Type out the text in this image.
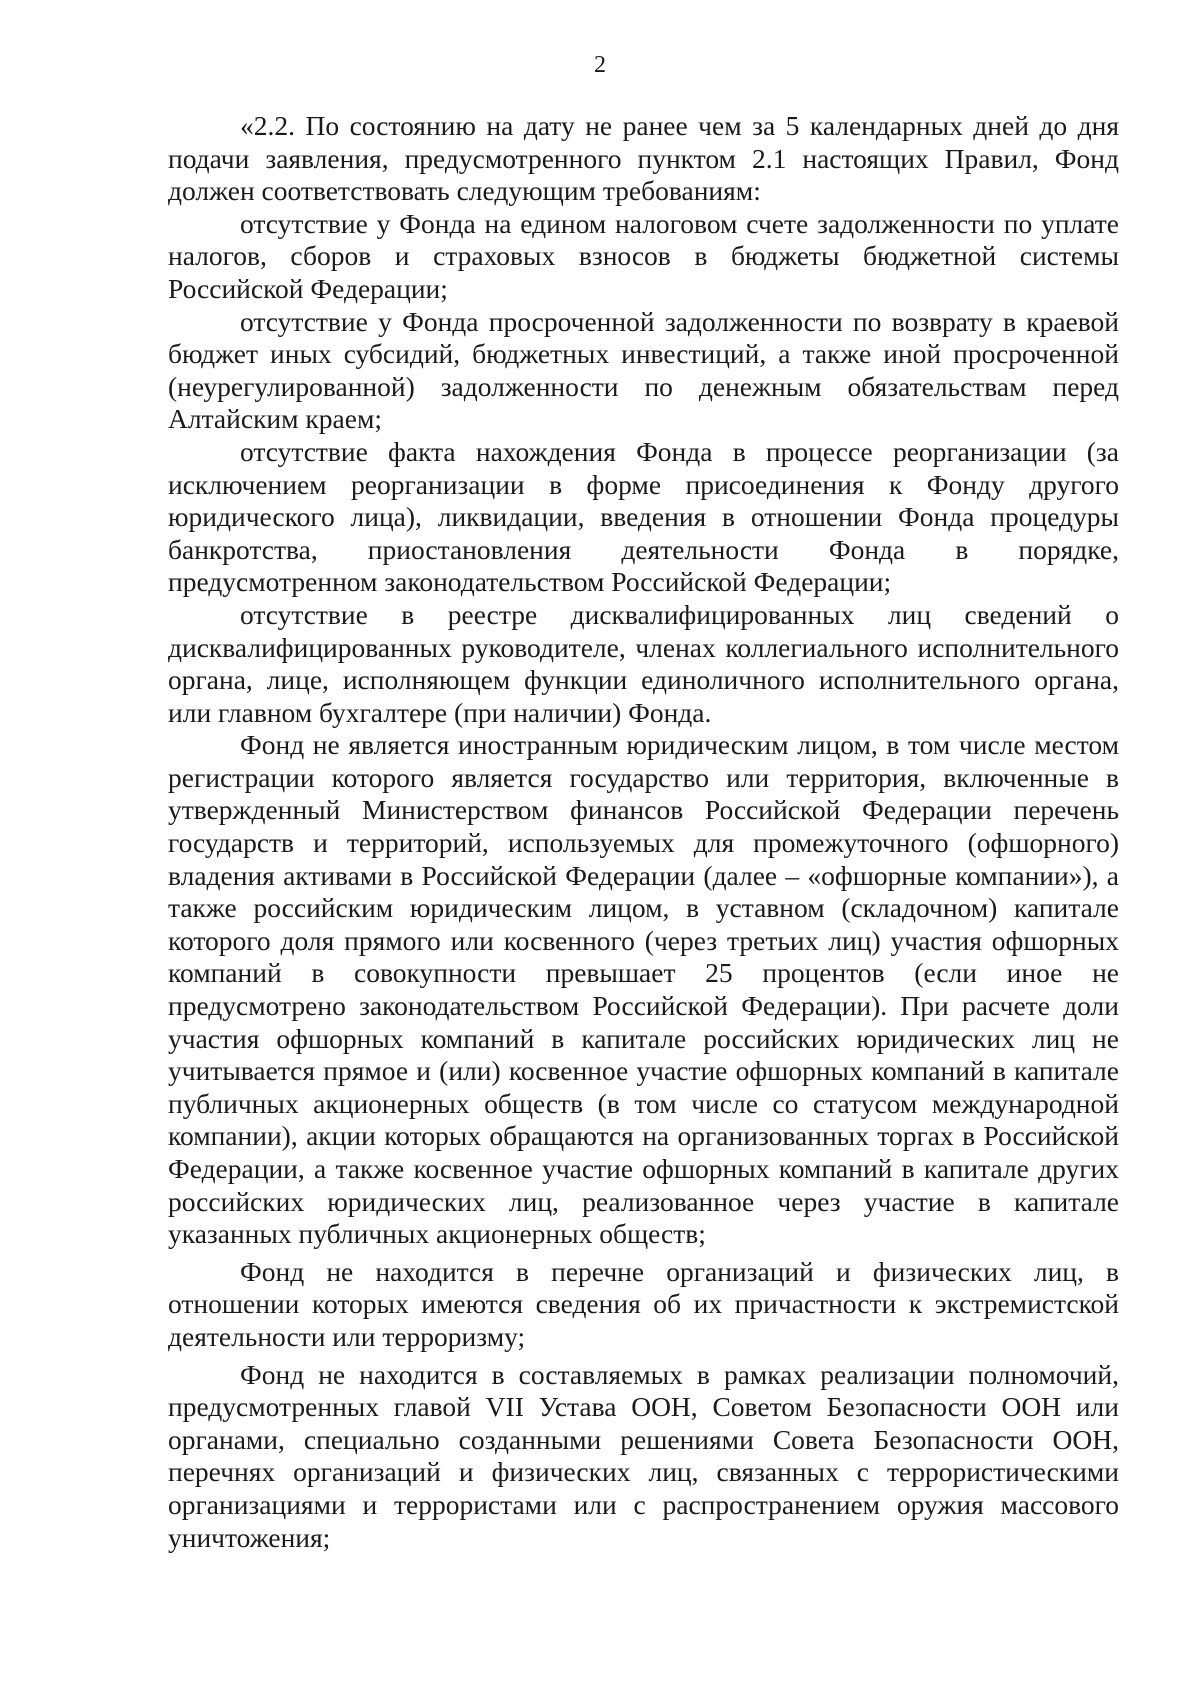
2

«2.2. По состоянию на дату не ранее чем за 5 календарных дней до дня подачи заявления, предусмотренного пунктом 2.1 настоящих Правил, Фонд должен соответствовать следующим требованиям:

отсутствие у Фонда на едином налоговом счете задолженности по уплате налогов, сборов и страховых взносов в бюджеты бюджетной системы Российской Федерации;

отсутствие у Фонда просроченной задолженности по возврату в краевой бюджет иных субсидий, бюджетных инвестиций, а также иной просроченной (неурегулированной) задолженности по денежным обязательствам перед Алтайским краем;

отсутствие факта нахождения Фонда в процессе реорганизации (за исключением реорганизации в форме присоединения к Фонду другого юридического лица), ликвидации, введения в отношении Фонда процедуры банкротства, приостановления деятельности Фонда в порядке, предусмотренном законодательством Российской Федерации;

отсутствие в реестре дисквалифицированных лиц сведений о дисквалифицированных руководителе, членах коллегиального исполнительного органа, лице, исполняющем функции единоличного исполнительного органа, или главном бухгалтере (при наличии) Фонда.

Фонд не является иностранным юридическим лицом, в том числе местом регистрации которого является государство или территория, включенные в утвержденный Министерством финансов Российской Федерации перечень государств и территорий, используемых для промежуточного (офшорного) владения активами в Российской Федерации (далее – «офшорные компании»), а также российским юридическим лицом, в уставном (складочном) капитале которого доля прямого или косвенного (через третьих лиц) участия офшорных компаний в совокупности превышает 25 процентов (если иное не предусмотрено законодательством Российской Федерации). При расчете доли участия офшорных компаний в капитале российских юридических лиц не учитывается прямое и (или) косвенное участие офшорных компаний в капитале публичных акционерных обществ (в том числе со статусом международной компании), акции которых обращаются на организованных торгах в Российской Федерации, а также косвенное участие офшорных компаний в капитале других российских юридических лиц, реализованное через участие в капитале указанных публичных акционерных обществ;

Фонд не находится в перечне организаций и физических лиц, в отношении которых имеются сведения об их причастности к экстремистской деятельности или терроризму;

Фонд не находится в составляемых в рамках реализации полномочий, предусмотренных главой VII Устава ООН, Советом Безопасности ООН или органами, специально созданными решениями Совета Безопасности ООН, перечнях организаций и физических лиц, связанных с террористическими организациями и террористами или с распространением оружия массового уничтожения;
